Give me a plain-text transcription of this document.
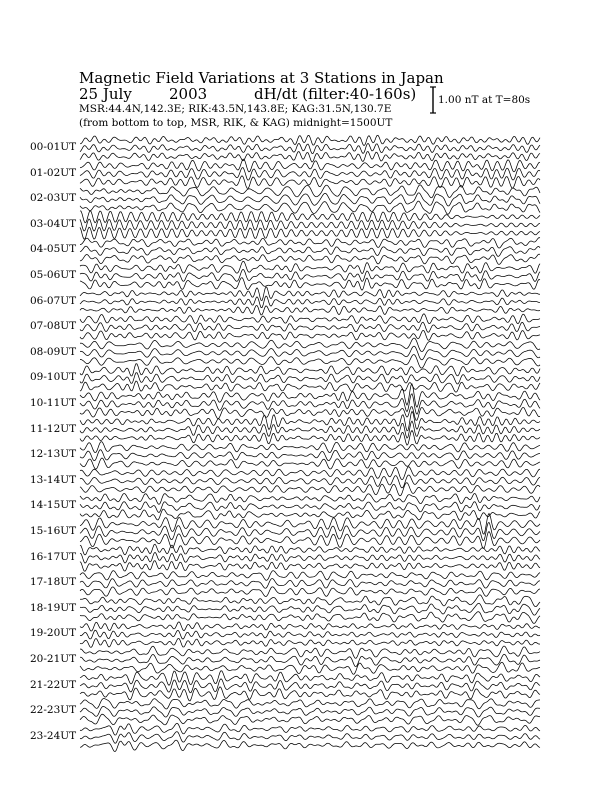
Magnetic Field Variations at 3 Stations in Japan
25 July 2003	dH/dt (filter:40-160s)
MSR:44.4N,142.3E; RIK:43.5N,143.8E; KAG:31.5N,130.7E
(from bottom to top, MSR, RIK, & KAG) midnight=1500UT
1.00 nT at T=80s
00-01UT
01-02UT
02-03UT
03-04UT
04-05UT
05-06UT
06-07UT
07-08UT
08-09UT
09-10UT
10-11UT
11-12UT
12-13UT
13-14UT
14-15UT
15-16UT
16-17UT
17-18UT
18-19UT
19-20UT
20-21UT
21-22UT
22-23UT
23-24UT
